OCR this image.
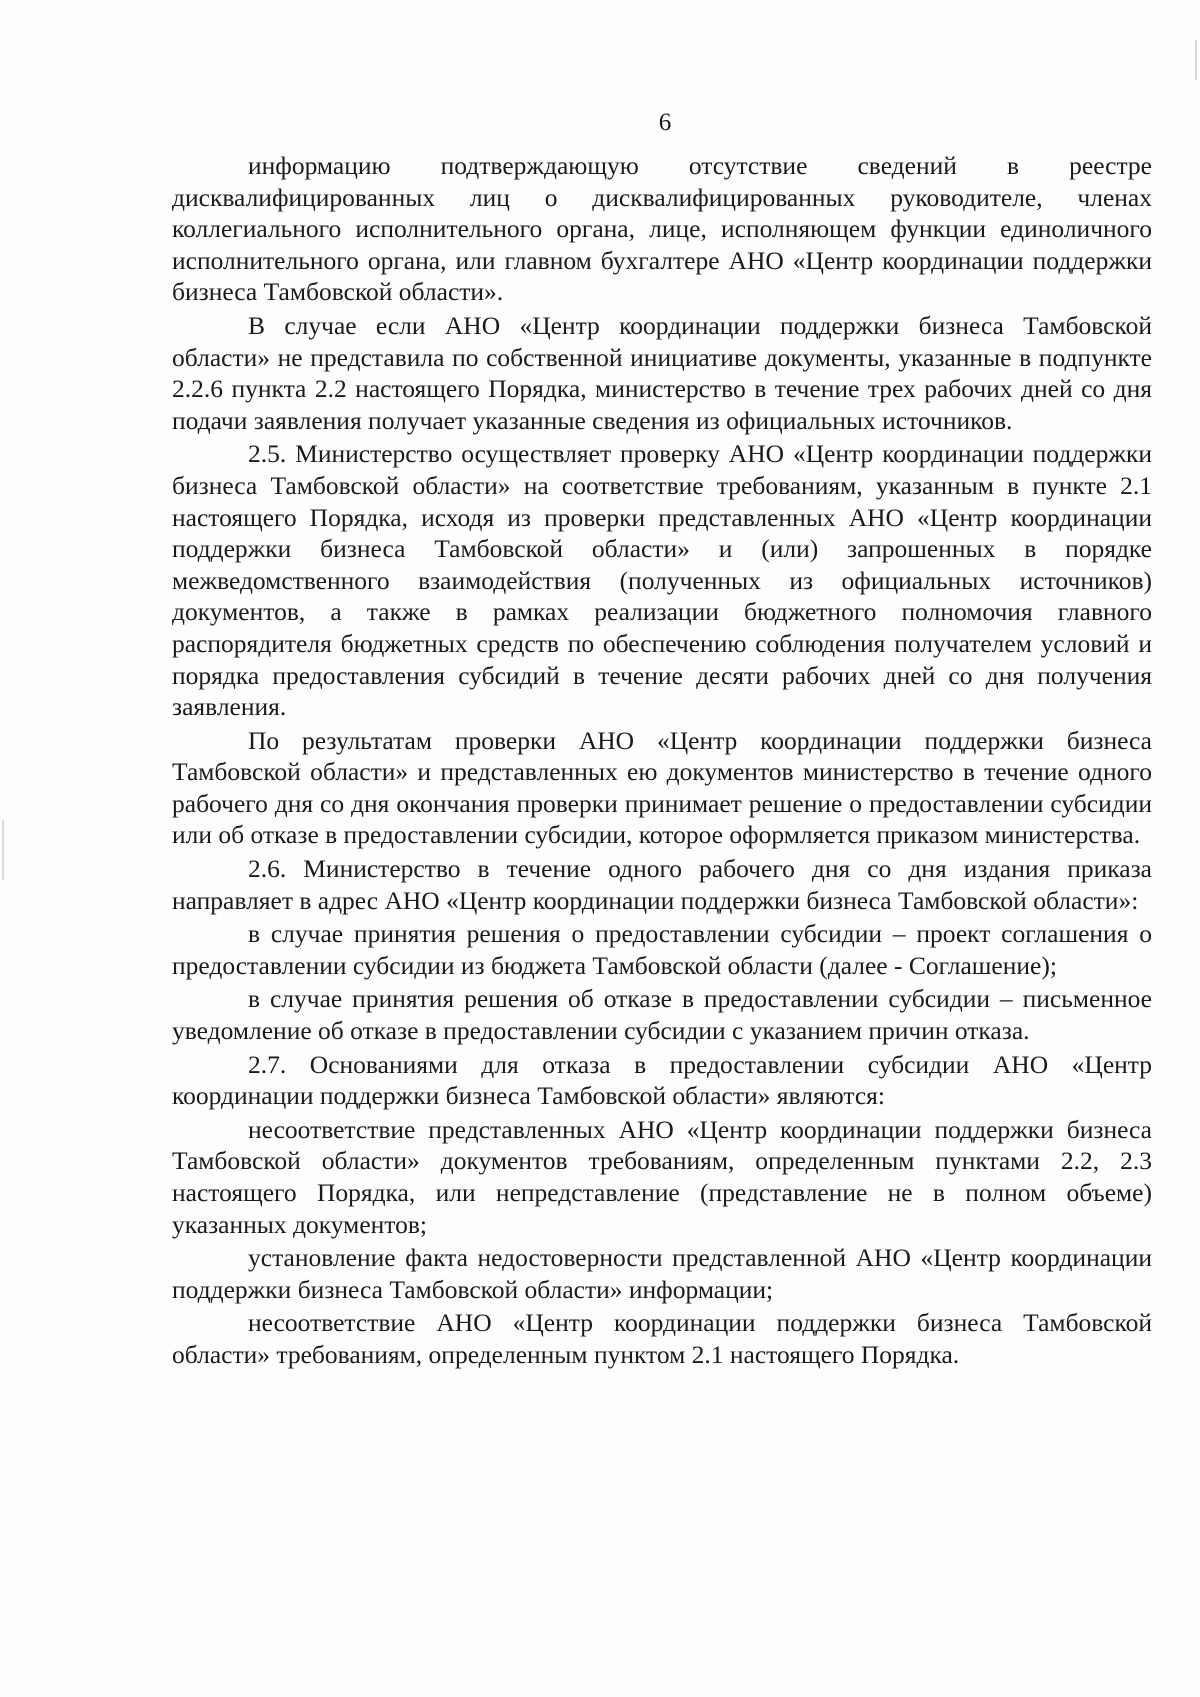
6

информацию подтверждающую отсутствие сведений в реестре дисквалифицированных лиц о дисквалифицированных руководителе, членах коллегиального исполнительного органа, лице, исполняющем функции единоличного исполнительного органа, или главном бухгалтере АНО «Центр координации поддержки бизнеса Тамбовской области».

В случае если АНО «Центр координации поддержки бизнеса Тамбовской области» не представила по собственной инициативе документы, указанные в подпункте 2.2.6 пункта 2.2 настоящего Порядка, министерство в течение трех рабочих дней со дня подачи заявления получает указанные сведения из официальных источников.

2.5. Министерство осуществляет проверку АНО «Центр координации поддержки бизнеса Тамбовской области» на соответствие требованиям, указанным в пункте 2.1 настоящего Порядка, исходя из проверки представленных АНО «Центр координации поддержки бизнеса Тамбовской области» и (или) запрошенных в порядке межведомственного взаимодействия (полученных из официальных источников) документов, а также в рамках реализации бюджетного полномочия главного распорядителя бюджетных средств по обеспечению соблюдения получателем условий и порядка предоставления субсидий в течение десяти рабочих дней со дня получения заявления.

По результатам проверки АНО «Центр координации поддержки бизнеса Тамбовской области» и представленных ею документов министерство в течение одного рабочего дня со дня окончания проверки принимает решение о предоставлении субсидии или об отказе в предоставлении субсидии, которое оформляется приказом министерства.

2.6. Министерство в течение одного рабочего дня со дня издания приказа направляет в адрес АНО «Центр координации поддержки бизнеса Тамбовской области»:

в случае принятия решения о предоставлении субсидии – проект соглашения о предоставлении субсидии из бюджета Тамбовской области (далее - Соглашение);

в случае принятия решения об отказе в предоставлении субсидии – письменное уведомление об отказе в предоставлении субсидии с указанием причин отказа.

2.7. Основаниями для отказа в предоставлении субсидии АНО «Центр координации поддержки бизнеса Тамбовской области» являются:

несоответствие представленных АНО «Центр координации поддержки бизнеса Тамбовской области» документов требованиям, определенным пунктами 2.2, 2.3 настоящего Порядка, или непредставление (представление не в полном объеме) указанных документов;

установление факта недостоверности представленной АНО «Центр координации поддержки бизнеса Тамбовской области» информации;

несоответствие АНО «Центр координации поддержки бизнеса Тамбовской области» требованиям, определенным пунктом 2.1 настоящего Порядка.
